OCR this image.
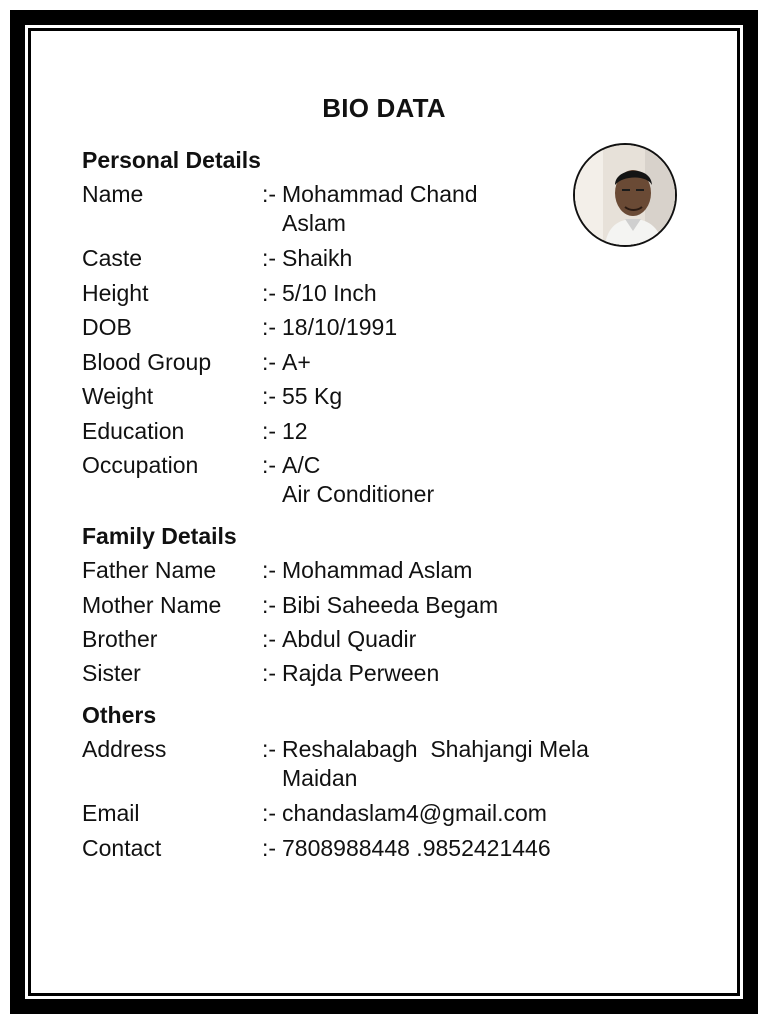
BIO DATA
Personal Details
Name	:- Mohammad Chand
Aslam
Caste	:- Shaikh
Height	:- 5/10 Inch
DOB	:- 18/10/1991
Blood Group :- A+
Weight	:- 55 Kg
Education	:- 12
Occupation	:- A/C
Air Conditioner
Family Details
Father Name :- Mohammad Aslam
Mother Name :- Bibi Saheeda Begam
Brother	:- Abdul Quadir
Sister	:- Rajda Perween
Others
Address	:- Reshalabagh  Shahjangi Mela
Maidan
Email	:- chandaslam4@gmail.com
Contact	:- 7808988448 .9852421446
